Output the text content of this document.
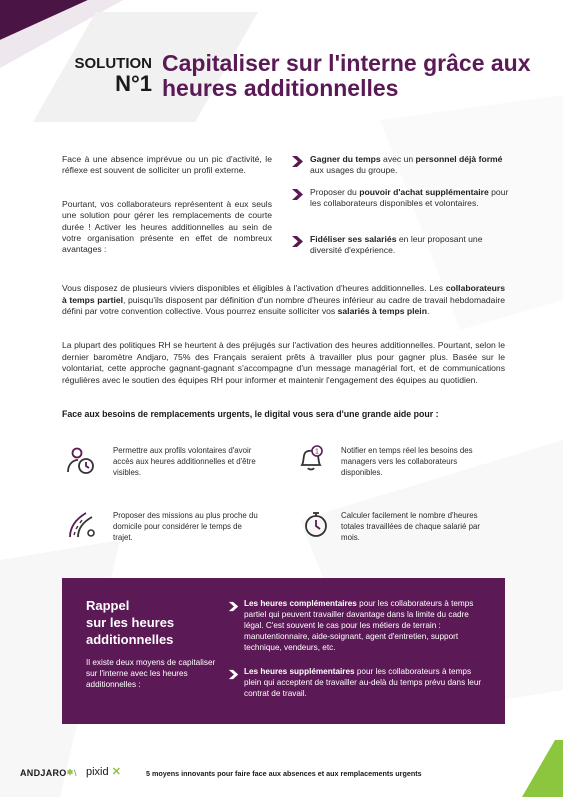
SOLUTION
N°1
Capitaliser sur l'interne grâce aux heures additionnelles

Face à une absence imprévue ou un pic d'activité, le réflexe est souvent de solliciter un profil externe.

Pourtant, vos collaborateurs représentent à eux seuls une solution pour gérer les remplacements de courte durée ! Activer les heures additionnelles au sein de votre organisation présente en effet de nombreux avantages :

Gagner du temps avec un personnel déjà formé aux usages du groupe.
Proposer du pouvoir d'achat supplémentaire pour les collaborateurs disponibles et volontaires.
Fidéliser ses salariés en leur proposant une diversité d'expérience.

Vous disposez de plusieurs viviers disponibles et éligibles à l'activation d'heures additionnelles. Les collaborateurs à temps partiel, puisqu'ils disposent par définition d'un nombre d'heures inférieur au cadre de travail hebdomadaire défini par votre convention collective. Vous pourrez ensuite solliciter vos salariés à temps plein.

La plupart des politiques RH se heurtent à des préjugés sur l'activation des heures additionnelles. Pourtant, selon le dernier baromètre Andjaro, 75% des Français seraient prêts à travailler plus pour gagner plus. Basée sur le volontariat, cette approche gagnant-gagnant s'accompagne d'un message managérial fort, et de communications régulières avec le soutien des équipes RH pour informer et maintenir l'engagement des équipes au quotidien.

Face aux besoins de remplacements urgents, le digital vous sera d'une grande aide pour :
Permettre aux profils volontaires d'avoir accès aux heures additionnelles et d'être visibles.
1	Notifier en temps réel les besoins des managers vers les collaborateurs disponibles.
Proposer des missions au plus proche du domicile pour considérer le temps de trajet.
Calculer facilement le nombre d'heures totales travaillées de chaque salarié par mois.
Rappel
sur les heures
additionnelles
Il existe deux moyens de capitaliser sur l'interne avec les heures additionnelles :
Les heures complémentaires pour les collaborateurs à temps partiel qui peuvent travailler davantage dans la limite du cadre légal. C'est souvent le cas pour les métiers de terrain : manutentionnaire, aide-soignant, agent d'entretien, support technique, vendeurs, etc.
Les heures supplémentaires pour les collaborateurs à temps plein qui acceptent de travailler au-delà du temps prévu dans leur contrat de travail.
ANDJARO✱ \ pixid ✕	5 moyens innovants pour faire face aux absences et aux remplacements urgents	4
